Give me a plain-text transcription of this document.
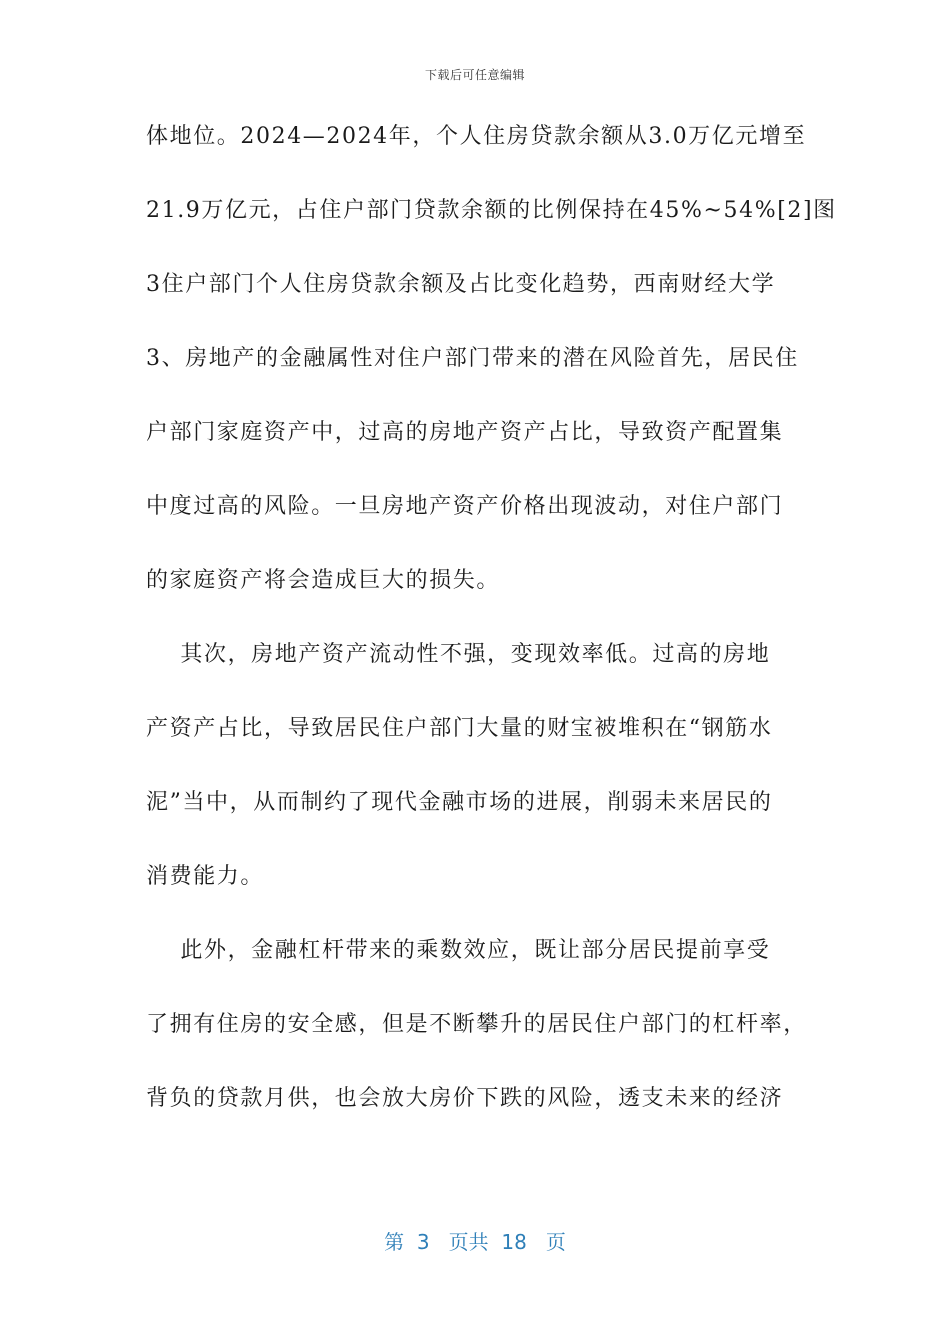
下载后可任意编辑
体地位。2024—2024年，个人住房贷款余额从3.0万亿元增至
21.9万亿元，占住户部门贷款余额的比例保持在45%~54%[2]图
3住户部门个人住房贷款余额及占比变化趋势，西南财经大学
3、房地产的金融属性对住户部门带来的潜在风险首先，居民住
户部门家庭资产中，过高的房地产资产占比，导致资产配置集
中度过高的风险。一旦房地产资产价格出现波动，对住户部门
的家庭资产将会造成巨大的损失。
其次，房地产资产流动性不强，变现效率低。过高的房地
产资产占比，导致居民住户部门大量的财宝被堆积在“钢筋水
泥”当中，从而制约了现代金融市场的进展，削弱未来居民的
消费能力。
此外，金融杠杆带来的乘数效应，既让部分居民提前享受
了拥有住房的安全感，但是不断攀升的居民住户部门的杠杆率，
背负的贷款月供，也会放大房价下跌的风险，透支未来的经济
第  3   页共  18   页
